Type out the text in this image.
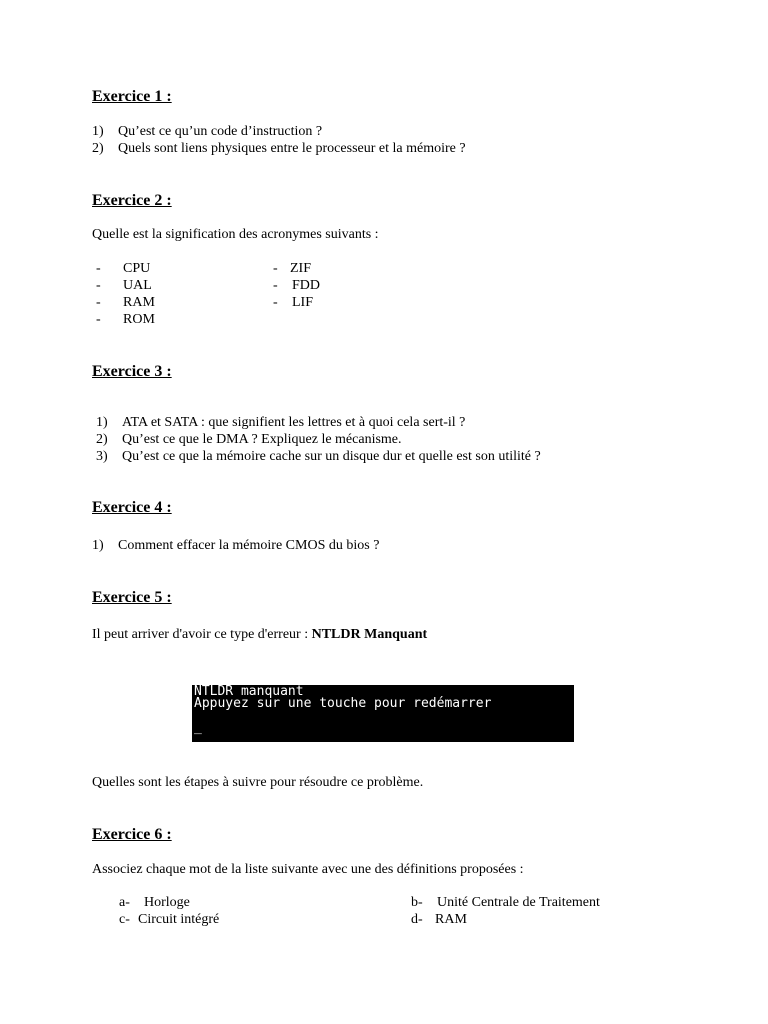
Exercice 1 :
1) Qu’est ce qu’un code d’instruction ?
2) Quels sont liens physiques entre le processeur et la mémoire ?
Exercice 2 :
Quelle est la signification des acronymes suivants :
- CPU
- UAL
- RAM
- ROM
- ZIF
- FDD
- LIF
Exercice 3 :
1) ATA et SATA : que signifient les lettres et à quoi cela sert-il ?
2) Qu’est ce que le DMA ? Expliquez le mécanisme.
3) Qu’est ce que la mémoire cache sur un disque dur et quelle est son utilité ?
Exercice 4 :
1) Comment effacer la mémoire CMOS du bios ?
Exercice 5 :
Il peut arriver d'avoir ce type d'erreur : NTLDR Manquant
NTLDR manquant
Appuyez sur une touche pour redémarrer
_
Quelles sont les étapes à suivre pour résoudre ce problème.
Exercice 6 :
Associez chaque mot de la liste suivante avec une des définitions proposées :
a- Horloge	b- Unité Centrale de Traitement
c- Circuit intégré	d- RAM
